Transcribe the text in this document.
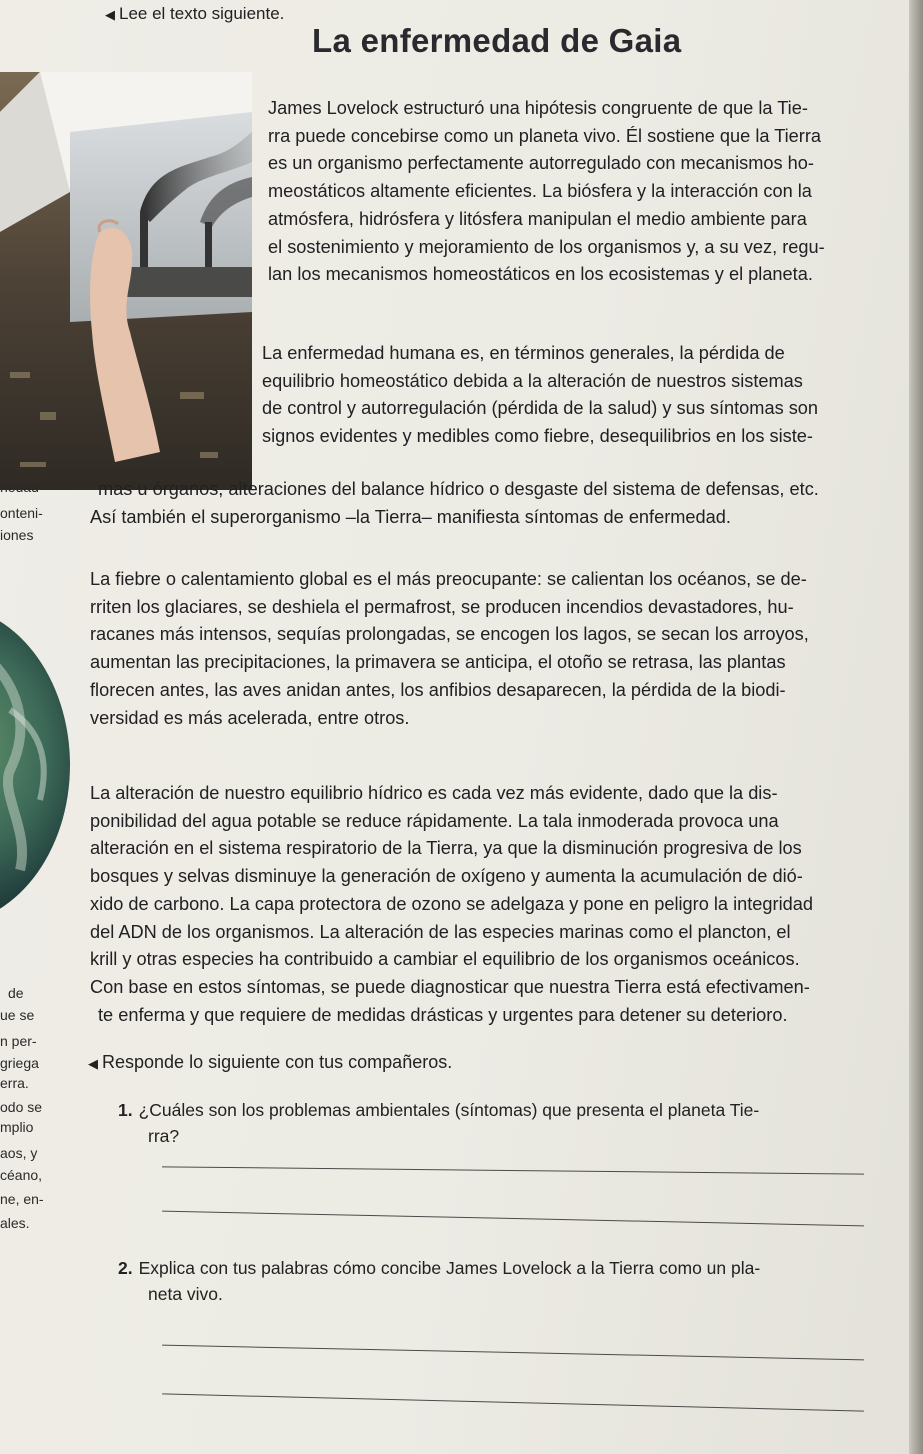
◀ Lee el texto siguiente.
La enfermedad de Gaia
James Lovelock estructuró una hipótesis congruente de que la Tie-
rra puede concebirse como un planeta vivo. Él sostiene que la Tierra
es un organismo perfectamente autorregulado con mecanismos ho-
meostáticos altamente eficientes. La biósfera y la interacción con la
atmósfera, hidrósfera y litósfera manipulan el medio ambiente para
el sostenimiento y mejoramiento de los organismos y, a su vez, regu-
lan los mecanismos homeostáticos en los ecosistemas y el planeta.
La enfermedad humana es, en términos generales, la pérdida de
equilibrio homeostático debida a la alteración de nuestros sistemas
de control y autorregulación (pérdida de la salud) y sus síntomas son
signos evidentes y medibles como fiebre, desequilibrios en los siste-
mas u órganos, alteraciones del balance hídrico o desgaste del sistema de defensas, etc.
Así también el superorganismo –la Tierra– manifiesta síntomas de enfermedad.
La fiebre o calentamiento global es el más preocupante: se calientan los océanos, se de-
rriten los glaciares, se deshiela el permafrost, se producen incendios devastadores, hu-
racanes más intensos, sequías prolongadas, se encogen los lagos, se secan los arroyos,
aumentan las precipitaciones, la primavera se anticipa, el otoño se retrasa, las plantas
florecen antes, las aves anidan antes, los anfibios desaparecen, la pérdida de la biodi-
versidad es más acelerada, entre otros.
La alteración de nuestro equilibrio hídrico es cada vez más evidente, dado que la dis-
ponibilidad del agua potable se reduce rápidamente. La tala inmoderada provoca una
alteración en el sistema respiratorio de la Tierra, ya que la disminución progresiva de los
bosques y selvas disminuye la generación de oxígeno y aumenta la acumulación de dió-
xido de carbono. La capa protectora de ozono se adelgaza y pone en peligro la integridad
del ADN de los organismos. La alteración de las especies marinas como el plancton, el
krill y otras especies ha contribuido a cambiar el equilibrio de los organismos oceánicos.
Con base en estos síntomas, se puede diagnosticar que nuestra Tierra está efectivamen-
te enferma y que requiere de medidas drásticas y urgentes para detener su deterioro.
nedad
onteni-
iones
de
ue se
n per-
griega
erra.
odo se
mplio
aos, y
céano,
ne, en-
ales.
◀ Responde lo siguiente con tus compañeros.
1. ¿Cuáles son los problemas ambientales (síntomas) que presenta el planeta Tie-
rra?
2. Explica con tus palabras cómo concibe James Lovelock a la Tierra como un pla-
neta vivo.
